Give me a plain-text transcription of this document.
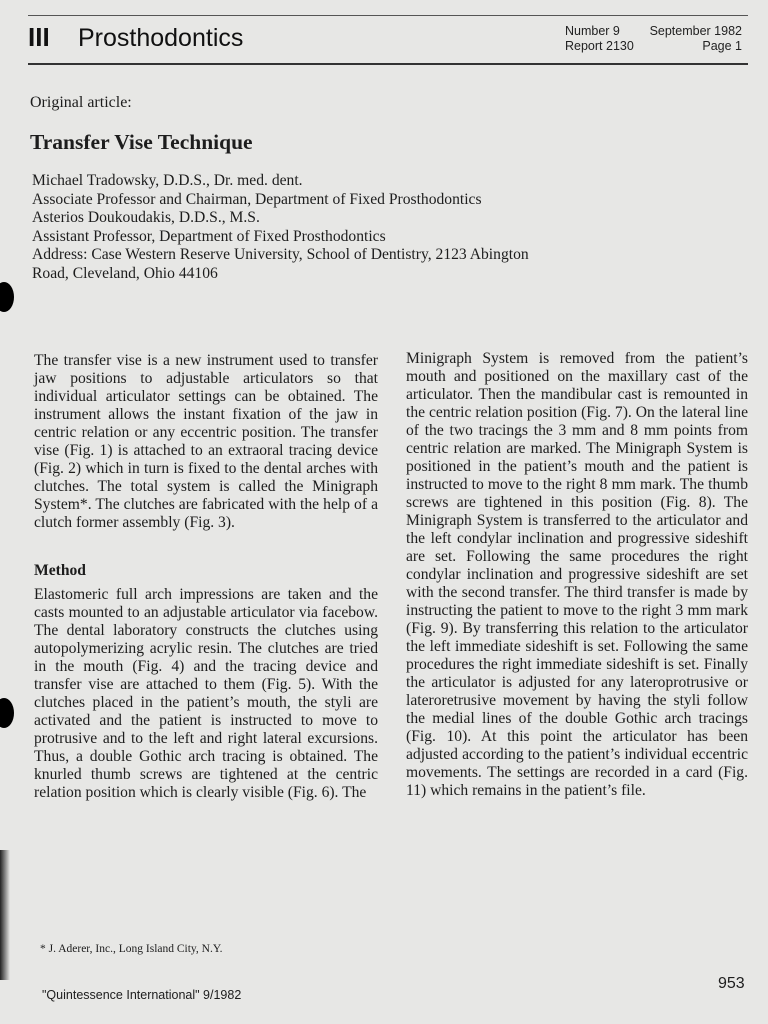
III Prosthodontics	Number 9
Report 2130
September 1982
Page 1
Original article:
Transfer Vise Technique
Michael Tradowsky, D.D.S., Dr. med. dent.
Associate Professor and Chairman, Department of Fixed Prosthodontics
Asterios Doukoudakis, D.D.S., M.S.
Assistant Professor, Department of Fixed Prosthodontics
Address: Case Western Reserve University, School of Dentistry, 2123 Abington
Road, Cleveland, Ohio 44106

The transfer vise is a new instrument used to transfer jaw positions to adjustable articulators so that individual articulator settings can be obtained. The instrument allows the instant fixation of the jaw in centric relation or any eccentric position. The transfer vise (Fig. 1) is attached to an extraoral tracing device (Fig. 2) which in turn is fixed to the dental arches with clutches. The total system is called the Minigraph System*. The clutches are fabricated with the help of a clutch former assembly (Fig. 3).

Method

Elastomeric full arch impressions are taken and the casts mounted to an adjustable articulator via facebow. The dental laboratory constructs the clutches using autopolymerizing acrylic resin. The clutches are tried in the mouth (Fig. 4) and the tracing device and transfer vise are attached to them (Fig. 5). With the clutches placed in the patient’s mouth, the styli are activated and the patient is instructed to move to protrusive and to the left and right lateral excursions. Thus, a double Gothic arch tracing is obtained. The knurled thumb screws are tightened at the centric relation position which is clearly visible (Fig. 6). The

Minigraph System is removed from the patient’s mouth and positioned on the maxillary cast of the articulator. Then the mandibular cast is remounted in the centric relation position (Fig. 7). On the lateral line of the two tracings the 3 mm and 8 mm points from centric relation are marked. The Minigraph System is positioned in the patient’s mouth and the patient is instructed to move to the right 8 mm mark. The thumb screws are tightened in this position (Fig. 8). The Minigraph System is transferred to the articulator and the left condylar inclination and progressive sideshift are set. Following the same procedures the right condylar inclination and progressive sideshift are set with the second transfer. The third transfer is made by instructing the patient to move to the right 3 mm mark (Fig. 9). By transferring this relation to the articulator the left immediate sideshift is set. Following the same procedures the right immediate sideshift is set. Finally the articulator is adjusted for any lateroprotrusive or lateroretrusive movement by having the styli follow the medial lines of the double Gothic arch tracings (Fig. 10). At this point the articulator has been adjusted according to the patient’s individual eccentric movements. The settings are recorded in a card (Fig. 11) which remains in the patient’s file.

* J. Aderer, Inc., Long Island City, N.Y.
"Quintessence International" 9/1982
953
